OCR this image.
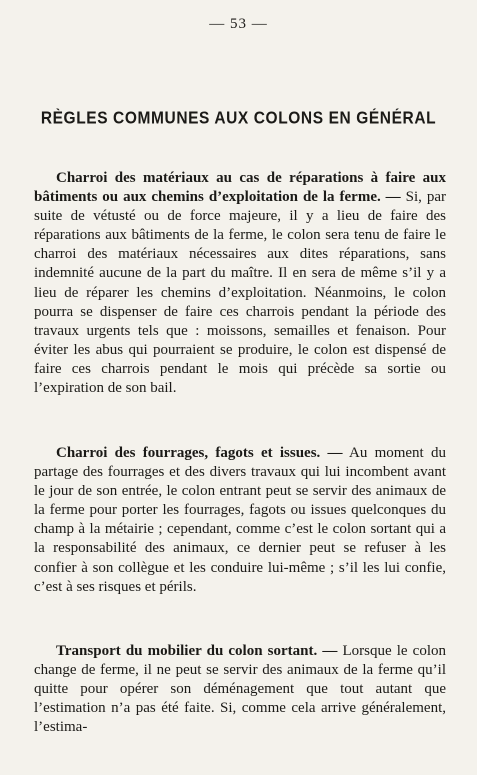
— 53 —
RÈGLES COMMUNES AUX COLONS EN GÉNÉRAL

Charroi des matériaux au cas de réparations à faire aux bâtiments ou aux chemins d’exploitation de la ferme. — Si, par suite de vétusté ou de force majeure, il y a lieu de faire des réparations aux bâtiments de la ferme, le colon sera tenu de faire le charroi des matériaux nécessaires aux dites réparations, sans indemnité aucune de la part du maître. Il en sera de même s’il y a lieu de réparer les chemins d’exploitation. Néanmoins, le colon pourra se dispenser de faire ces charrois pendant la période des travaux urgents tels que : moissons, semailles et fenaison. Pour éviter les abus qui pourraient se produire, le colon est dispensé de faire ces charrois pendant le mois qui précède sa sortie ou l’expiration de son bail.

Charroi des fourrages, fagots et issues. — Au moment du partage des fourrages et des divers travaux qui lui incombent avant le jour de son entrée, le colon entrant peut se servir des animaux de la ferme pour porter les fourrages, fagots ou issues quelconques du champ à la métairie ; cependant, comme c’est le colon sortant qui a la responsabilité des animaux, ce dernier peut se refuser à les confier à son collègue et les conduire lui-même ; s’il les lui confie, c’est à ses risques et périls.

Transport du mobilier du colon sortant. — Lorsque le colon change de ferme, il ne peut se servir des animaux de la ferme qu’il quitte pour opérer son déménagement que tout autant que l’estimation n’a pas été faite. Si, comme cela arrive généralement, l’estima-
